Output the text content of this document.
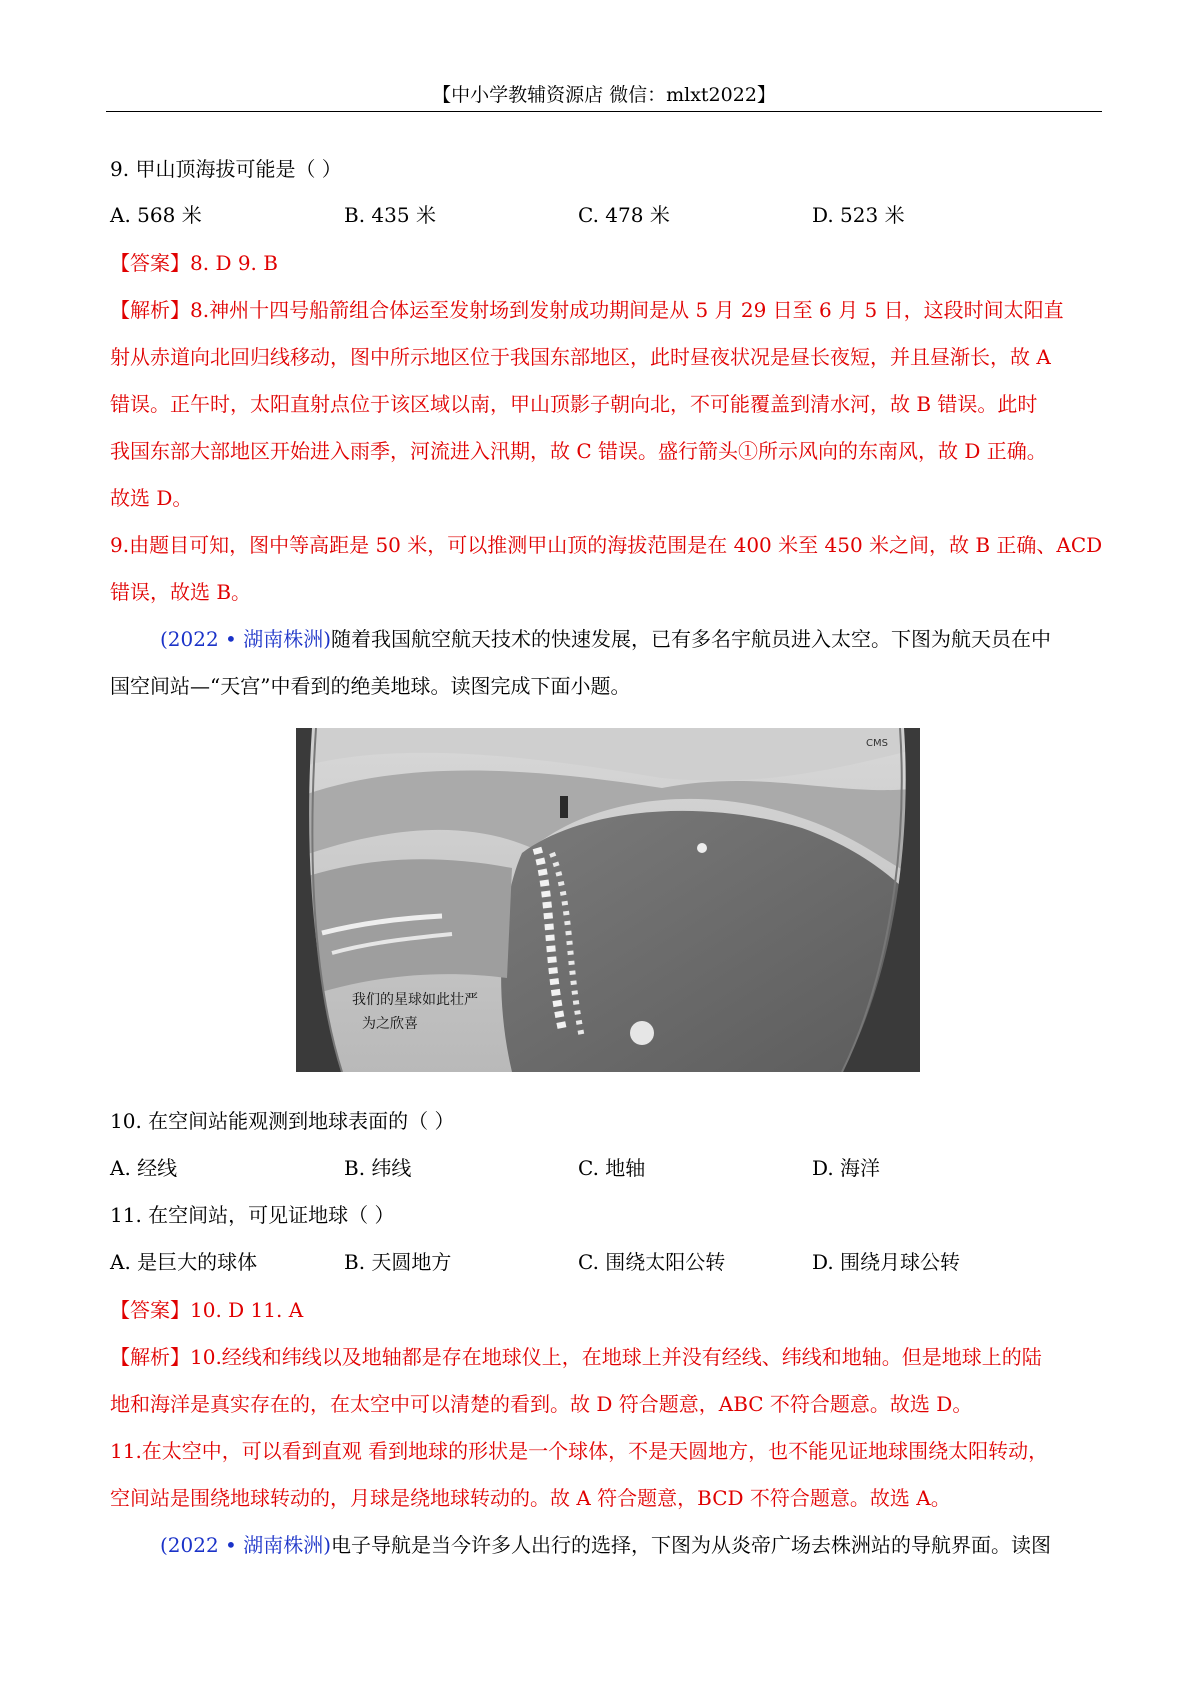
【中小学教辅资源店 微信：mlxt2022】
9. 甲山顶海拔可能是（ ）
A. 568 米	B. 435 米	C. 478 米	D. 523 米
【答案】8. D 9. B
【解析】8.神州十四号船箭组合体运至发射场到发射成功期间是从 5 月 29 日至 6 月 5 日，这段时间太阳直
射从赤道向北回归线移动，图中所示地区位于我国东部地区，此时昼夜状况是昼长夜短，并且昼渐长，故 A
错误。正午时，太阳直射点位于该区域以南，甲山顶影子朝向北，不可能覆盖到清水河，故 B 错误。此时
我国东部大部地区开始进入雨季，河流进入汛期，故 C 错误。盛行箭头①所示风向的东南风，故 D 正确。
故选 D。
9.由题目可知，图中等高距是 50 米，可以推测甲山顶的海拔范围是在 400 米至 450 米之间，故 B 正确、ACD
错误，故选 B。
(2022 • 湖南株洲)随着我国航空航天技术的快速发展，已有多名宇航员进入太空。下图为航天员在中
国空间站—“天宫”中看到的绝美地球。读图完成下面小题。
我们的星球如此壮严
为之欣喜
CMS
10. 在空间站能观测到地球表面的（ ）
A. 经线	B. 纬线	C. 地轴	D. 海洋
11. 在空间站，可见证地球（ ）
A. 是巨大的球体	B. 天圆地方	C. 围绕太阳公转	D. 围绕月球公转
【答案】10. D 11. A
【解析】10.经线和纬线以及地轴都是存在地球仪上，在地球上并没有经线、纬线和地轴。但是地球上的陆
地和海洋是真实存在的，在太空中可以清楚的看到。故 D 符合题意，ABC 不符合题意。故选 D。
11.在太空中，可以看到直观 看到地球的形状是一个球体，不是天圆地方，也不能见证地球围绕太阳转动，
空间站是围绕地球转动的，月球是绕地球转动的。故 A 符合题意，BCD 不符合题意。故选 A。
(2022 • 湖南株洲)电子导航是当今许多人出行的选择，下图为从炎帝广场去株洲站的导航界面。读图
